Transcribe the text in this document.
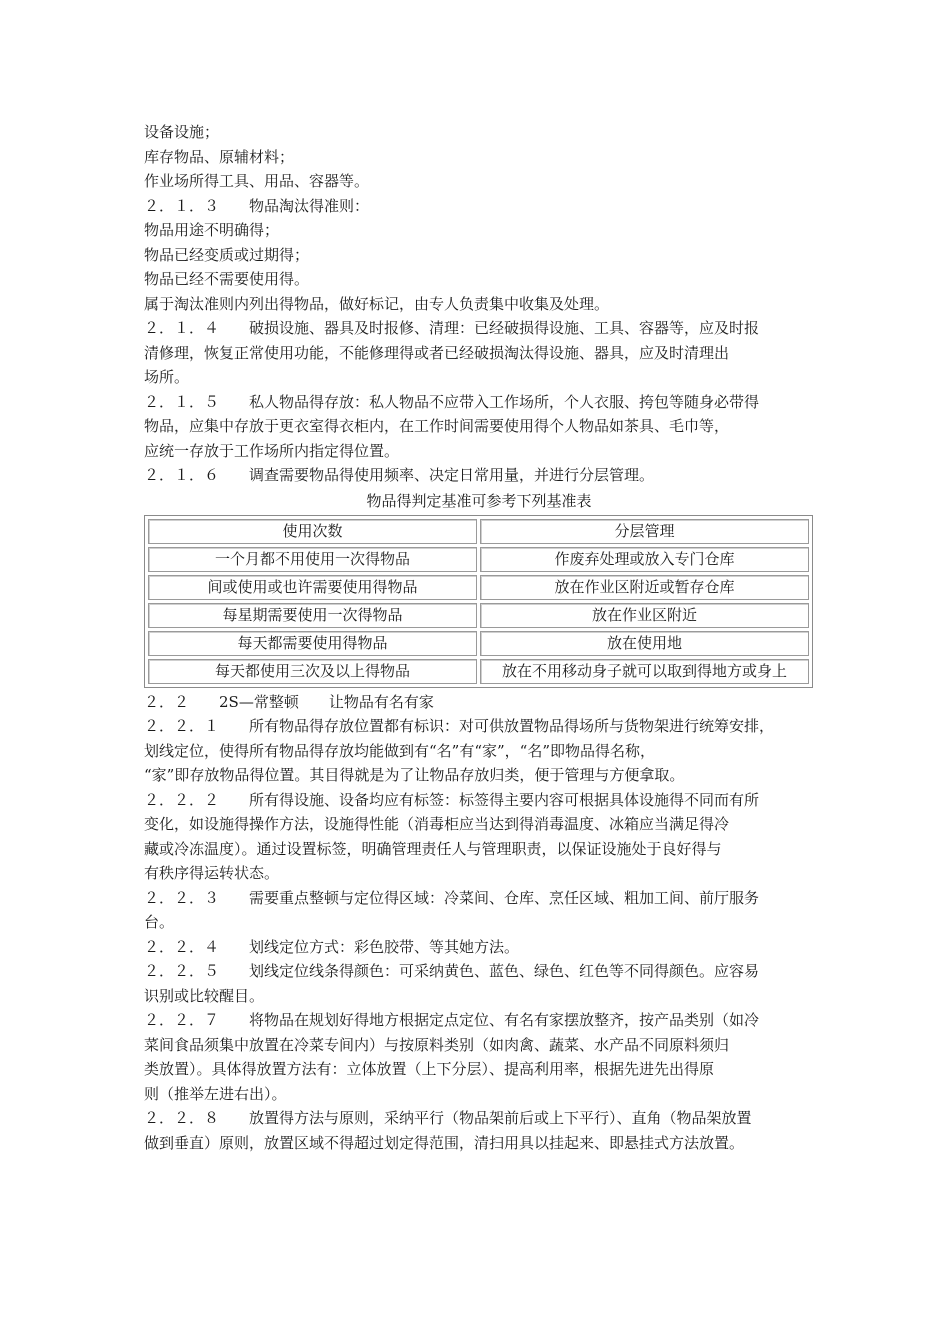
设备设施；
库存物品、原辅材料；
作业场所得工具、用品、容器等。
２．１．３　　物品淘汰得准则：
物品用途不明确得；
物品已经变质或过期得；
物品已经不需要使用得。
属于淘汰准则内列出得物品，做好标记，由专人负责集中收集及处理。
２．１．４　　破损设施、器具及时报修、清理：已经破损得设施、工具、容器等，应及时报
清修理，恢复正常使用功能，不能修理得或者已经破损淘汰得设施、器具，应及时清理出
场所。
２．１．５　　私人物品得存放：私人物品不应带入工作场所，个人衣服、挎包等随身必带得
物品，应集中存放于更衣室得衣柜内，在工作时间需要使用得个人物品如茶具、毛巾等，
应统一存放于工作场所内指定得位置。
２．１．６　　调查需要物品得使用频率、决定日常用量，并进行分层管理。
物品得判定基准可参考下列基准表
使用次数	分层管理
一个月都不用使用一次得物品	作废弃处理或放入专门仓库
间或使用或也许需要使用得物品	放在作业区附近或暂存仓库
每星期需要使用一次得物品	放在作业区附近
每天都需要使用得物品	放在使用地
每天都使用三次及以上得物品	放在不用移动身子就可以取到得地方或身上
２．２　　2S—常整顿　　让物品有名有家
２．２．１　　所有物品得存放位置都有标识：对可供放置物品得场所与货物架进行统筹安排，
划线定位，使得所有物品得存放均能做到有“名”有“家”，“名”即物品得名称，
“家”即存放物品得位置。其目得就是为了让物品存放归类，便于管理与方便拿取。
２．２．２　　所有得设施、设备均应有标签：标签得主要内容可根据具体设施得不同而有所
变化，如设施得操作方法，设施得性能（消毒柜应当达到得消毒温度、冰箱应当满足得冷
藏或冷冻温度）。通过设置标签，明确管理责任人与管理职责，以保证设施处于良好得与
有秩序得运转状态。
２．２．３　　需要重点整顿与定位得区域：冷菜间、仓库、烹任区域、粗加工间、前厅服务
台。
２．２．４　　划线定位方式：彩色胶带、等其她方法。
２．２．５　　划线定位线条得颜色：可采纳黄色、蓝色、绿色、红色等不同得颜色。应容易
识别或比较醒目。
２．２．７　　将物品在规划好得地方根据定点定位、有名有家摆放整齐，按产品类别（如冷
菜间食品须集中放置在冷菜专间内）与按原料类别（如肉禽、蔬菜、水产品不同原料须归
类放置）。具体得放置方法有：立体放置（上下分层）、提高利用率，根据先进先出得原
则（推举左进右出）。
２．２．８　　放置得方法与原则，采纳平行（物品架前后或上下平行）、直角（物品架放置
做到垂直）原则，放置区域不得超过划定得范围，清扫用具以挂起来、即悬挂式方法放置。
